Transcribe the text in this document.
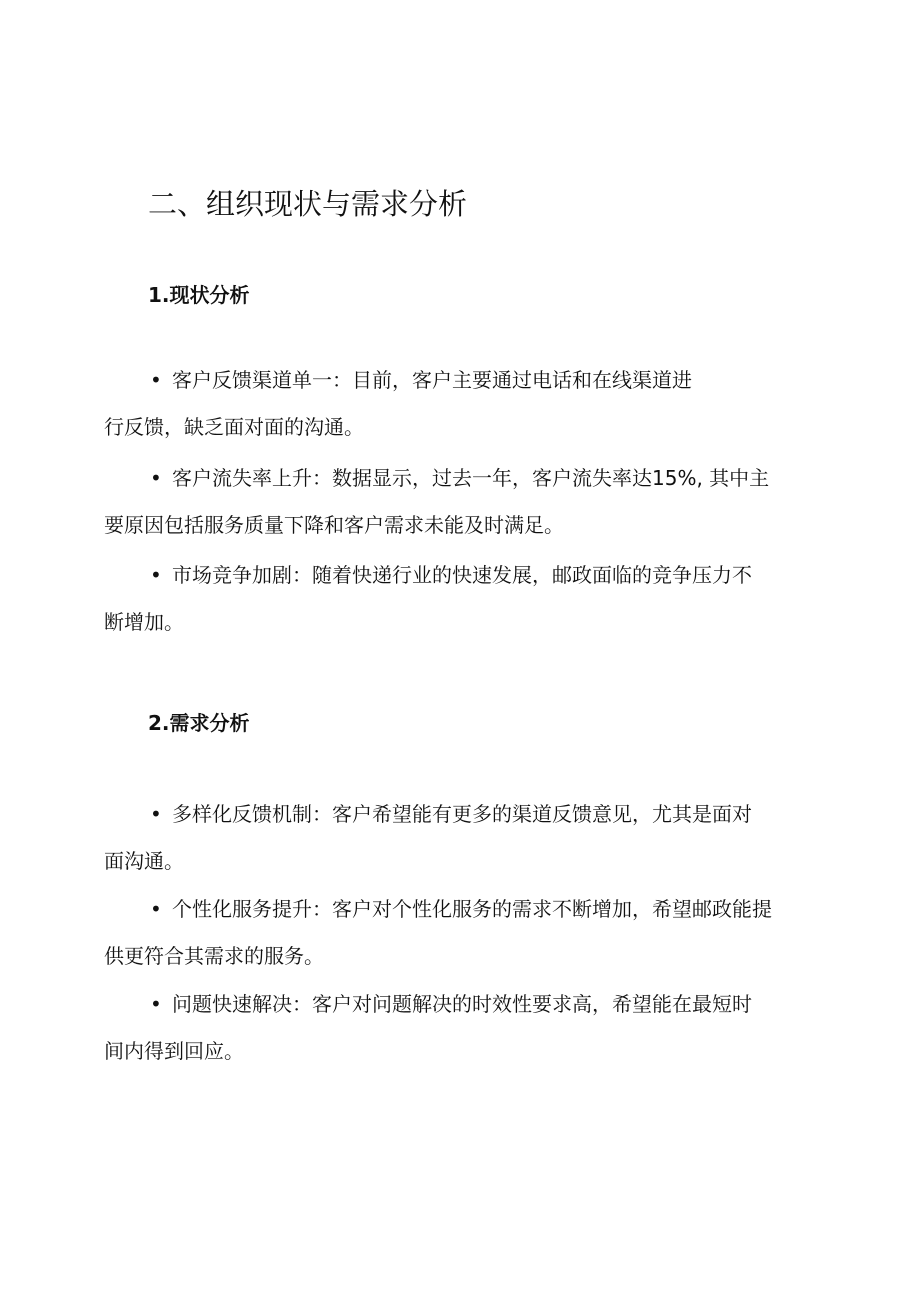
二、组织现状与需求分析
1.现状分析

• 客户反馈渠道单一：目前，客户主要通过电话和在线渠道进
行反馈，缺乏面对面的沟通。

• 客户流失率上升：数据显示，过去一年，客户流失率达15%, 其中主
要原因包括服务质量下降和客户需求未能及时满足。

• 市场竞争加剧：随着快递行业的快速发展，邮政面临的竞争压力不
断增加。

2.需求分析

• 多样化反馈机制：客户希望能有更多的渠道反馈意见，尤其是面对
面沟通。

• 个性化服务提升：客户对个性化服务的需求不断增加，希望邮政能提
供更符合其需求的服务。

• 问题快速解决：客户对问题解决的时效性要求高，希望能在最短时
间内得到回应。
